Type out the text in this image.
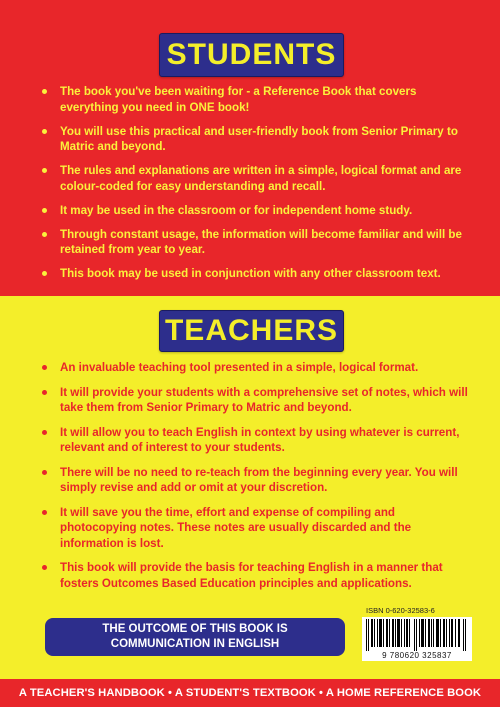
STUDENTS
The book you've been waiting for - a Reference Book that covers everything you need in ONE book!
You will use this practical and user-friendly book from Senior Primary to Matric and beyond.
The rules and explanations are written in a simple, logical format and are colour-coded for easy understanding and recall.
It may be used in the classroom or for independent home study.
Through constant usage, the information will become familiar and will be retained from year to year.
This book may be used in conjunction with any other classroom text.
TEACHERS
An invaluable teaching tool presented in a simple, logical format.
It will provide your students with a comprehensive set of notes, which will take them from Senior Primary to Matric and beyond.
It will allow you to teach English in context by using whatever is current, relevant and of interest to your students.
There will be no need to re-teach from the beginning every year. You will simply revise and add or omit at your discretion.
It will save you the time, effort and expense of compiling and photocopying notes. These notes are usually discarded and the information is lost.
This book will provide the basis for teaching English in a manner that fosters Outcomes Based Education principles and applications.
THE OUTCOME OF THIS BOOK IS
COMMUNICATION IN ENGLISH
ISBN 0-620-32583-6
9 780620 325837
A TEACHER'S HANDBOOK • A STUDENT'S TEXTBOOK • A HOME REFERENCE BOOK
